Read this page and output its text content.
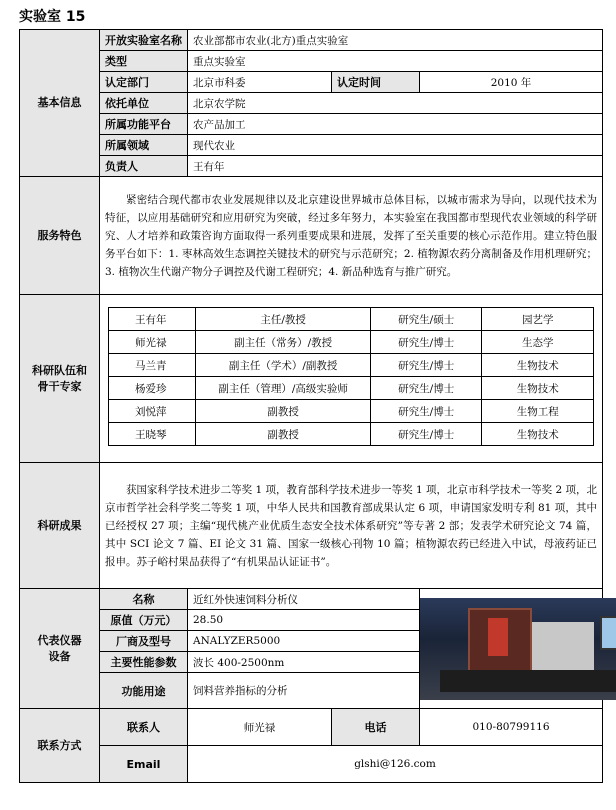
实验室 15
基本信息	开放实验室名称	农业部都市农业(北方)重点实验室
类型	重点实验室
认定部门	北京市科委	认定时间	2010 年
依托单位	北京农学院
所属功能平台	农产品加工
所属领域	现代农业
负责人	王有年
服务特色	紧密结合现代都市农业发展规律以及北京建设世界城市总体目标，以城市需求为导向，以现代技术为特征，以应用基础研究和应用研究为突破，经过多年努力，本实验室在我国都市型现代农业领域的科学研究、人才培养和政策咨询方面取得一系列重要成果和进展，发挥了至关重要的核心示范作用。建立特色服务平台如下：1. 枣林高效生态调控关键技术的研究与示范研究；2. 植物源农药分离制备及作用机理研究；3. 植物次生代谢产物分子调控及代谢工程研究；4. 新品种选育与推广研究。

科研队伍和
骨干专家

王有年	主任/教授	研究生/硕士	园艺学
师光禄	副主任（常务）/教授	研究生/博士	生态学
马兰青	副主任（学术）/副教授	研究生/博士	生物技术
杨爱珍	副主任（管理）/高级实验师	研究生/博士	生物技术
刘悦萍	副教授	研究生/博士	生物工程
王晓琴	副教授	研究生/博士	生物技术

科研成果	获国家科学技术进步二等奖 1 项，教育部科学技术进步一等奖 1 项，北京市科学技术一等奖 2 项，北京市哲学社会科学奖二等奖 1 项，中华人民共和国教育部成果认定 6 项，申请国家发明专利 81 项，其中已经授权 27 项；主编“现代桃产业优质生态安全技术体系研究”等专著 2 部；发表学术研究论文 74 篇，其中 SCI 论文 7 篇、EI 论文 31 篇、国家一级核心刊物 10 篇；植物源农药已经进入中试，母液药证已报申。苏子峪村果品获得了“有机果品认证证书”。

代表仪器
设备
	名称	近红外快速饲料分析仪	

原值（万元）	28.50
厂商及型号	ANALYZER5000
主要性能参数	波长 400-2500nm
功能用途	饲料营养指标的分析
联系方式	联系人	师光禄	电话	010-80799116
Email	glshi@126.com
